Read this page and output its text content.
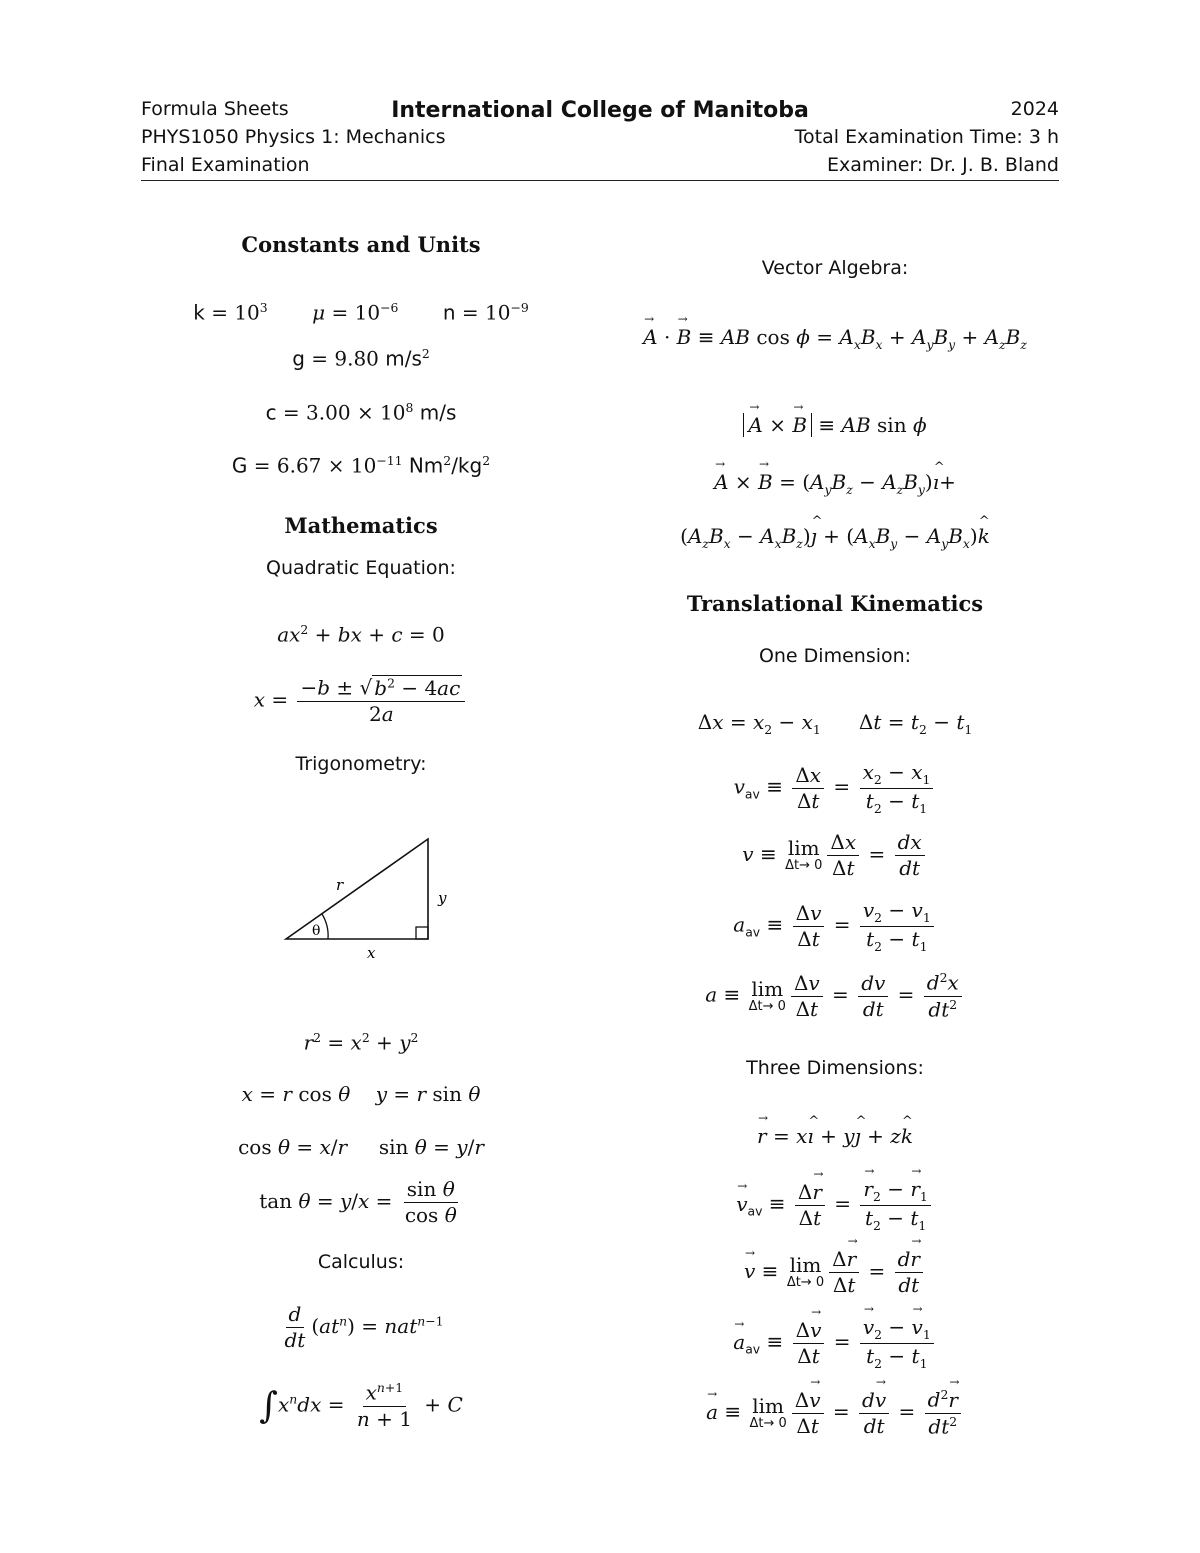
Formula Sheets
PHYS1050 Physics 1: Mechanics
Final Examination
International College of Manitoba	2024
Total Examination Time: 3 h
Examiner: Dr. J. B. Bland
Constants and Units
$k = 10^3$ $\mu = 10^{-6}$ $n = 10^{-9}$
g = 9.80 $m/s^2$
$c = 3.00 \times 10^8$ m/s
$G = 6.67 \times 10^{-11}$ $Nm^2/kg^2$
Mathematics
Quadratic Equation:
$ax^2$ + bx + c = 0
$x = \frac{-b \pm √ b^2 - 4ac}{2a}$
Trigonometry:
r
y
x
θ
$r^2 = x^2 + y^2$
x = r cos θ y = r sin θ
cos θ = x/r     sin θ = y/r
$\tan \theta = y/x = \frac{\text{sin θ}}{\text{cos θ}}$
Calculus:
$\frac{d}{dt} (at^n) = nat^{n-1}$
$\int x^ndx = \frac{x^{n+1}}{n + 1} + C$
Vector Algebra:
→ A · → B ≡ AB $\cos \phi = A_xB_x + A_yB_y + A_zB_z$
→ A × → B ≡ AB sin ϕ
→ A × → $B = (A_yB_z$ − $A_zB_y)\^{}$ ı+
($A_zB_x$ − $A_xB_z)\^{}$ ȷ + ($A_xB_y$ − $A_yB_x)\^{}$ k
Translational Kinematics
One Dimension:
$\Delta x = x_2 - x_1$      $\Delta t = t_2 - t_1$
$v_{av} \equiv \frac{\Delta x}{\Delta t} = \frac{x_2 - x_1}{t_2 - t_1}$
v ≡ lim
$\Delta t\to 0 \frac{\Delta x}{\Delta t} = \frac{dx}{dt}$
$a_{av} \equiv \frac{\Delta v}{\Delta t} = \frac{v_2 - v_1}{t_2 - t_1}$
a ≡ lim
$\Delta t\to 0 \frac{\Delta v}{\Delta t} = \frac{dv}{dt} = \frac{d^2x}{dt^2}$
Three Dimensions:
→ r = x^ ı + y^ ȷ + z^ k
→ $v_{av} \equiv \frac{\Delta\to r}{\Delta t}$ = → $\frac{r_2 - \to r_1}{t_2 - t_1}$
→ v ≡ lim
$\Delta t\to 0 \frac{\Delta\to r}{\Delta t} = \frac{d\to r}{dt}$
→ $a_{av} \equiv \frac{\Delta\to v}{\Delta t}$ = → $\frac{v_2 - \to v_1}{t_2 - t_1}$
→ a ≡ lim
$\Delta t\to 0 \frac{\Delta\to v}{\Delta t} = \frac{d\to v}{dt} = \frac{d^2\to r}{dt^2}$
